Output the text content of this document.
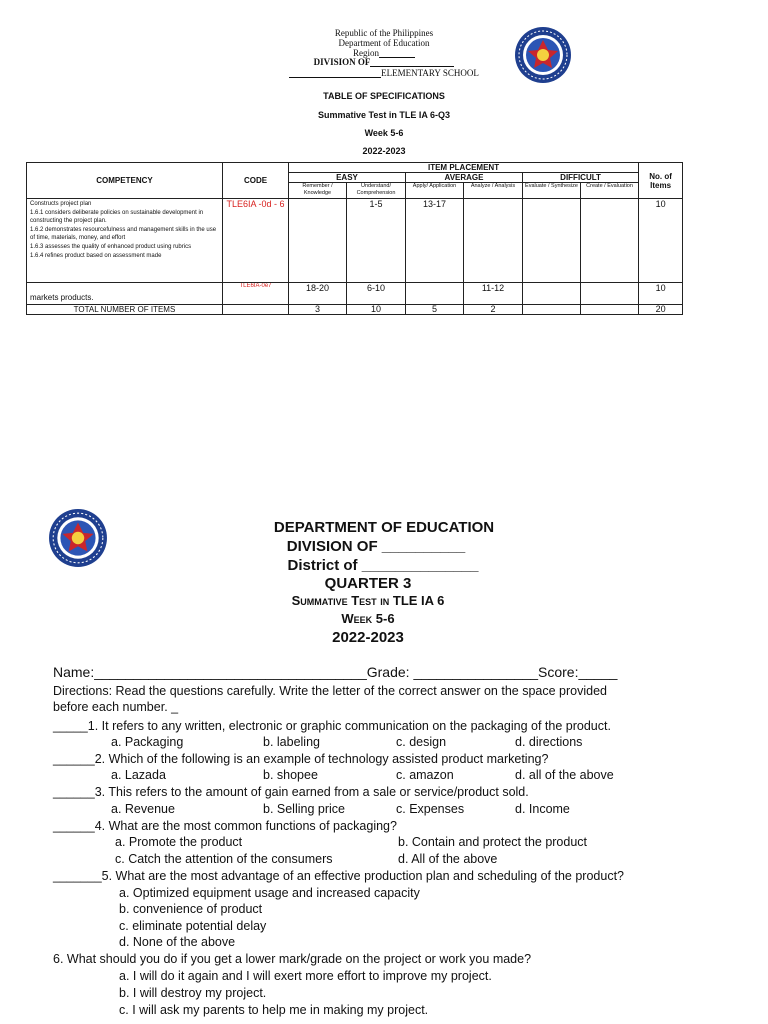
Republic of the Philippines
Department of Education
Region
DIVISION OF
ELEMENTARY SCHOOL
TABLE OF SPECIFICATIONS
Summative Test in TLE IA 6-Q3
Week 5-6
2022-2023
COMPETENCY	CODE	ITEM PLACEMENT						No. of Items
		EASY		AVERAGE		DIFFICULT		
		Remember / Knowledge	Understand/ Comprehension	Apply/ Application	Analyze / Analysis	Evaluate / Synthesize	Create / Evaluation	

Constructs project plan
1.6.1 considers deliberate policies on sustainable development in constructing the project plan.
1.6.2 demonstrates resourcefulness and management skills in the use of time, materials, money, and effort
1.6.3 assesses the quality of enhanced product using rubrics
1.6.4 refines product based on assessment made	TLE6IA -0d - 6		1-5	13-17				10
markets products.	TLE6IA-0e7	18-20	6-10		11-12			10
TOTAL NUMBER OF ITEMS		3	10	5	2			20
DEPARTMENT OF EDUCATION
DIVISION OF __________
District of ______________
QUARTER 3
Summative Test in TLE IA 6
Week 5-6
2022-2023
Name:___________________________________Grade: ________________Score:_____
Directions: Read the questions carefully. Write the letter of the correct answer on the space provided
before each number. _
_____1. It refers to any written, electronic or graphic communication on the packaging of the product.
a. Packaging	b. labeling	c. design	d. directions
______2. Which of the following is an example of technology assisted product marketing?
a. Lazada	b. shopee	c. amazon	d. all of the above
______3. This refers to the amount of gain earned from a sale or service/product sold.
a. Revenue	b. Selling price	c. Expenses	d. Income
______4. What are the most common functions of packaging?
a. Promote the product	b. Contain and protect the product
c. Catch the attention of the consumers	d. All of the above
_______5. What are the most advantage of an effective production plan and scheduling of the product?
a. Optimized equipment usage and increased capacity
b. convenience of product
c. eliminate potential delay
d. None of the above
6. What should you do if you get a lower mark/grade on the project or work you made?
a. I will do it again and I will exert more effort to improve my project.
b. I will destroy my project.
c. I will ask my parents to help me in making my project.
